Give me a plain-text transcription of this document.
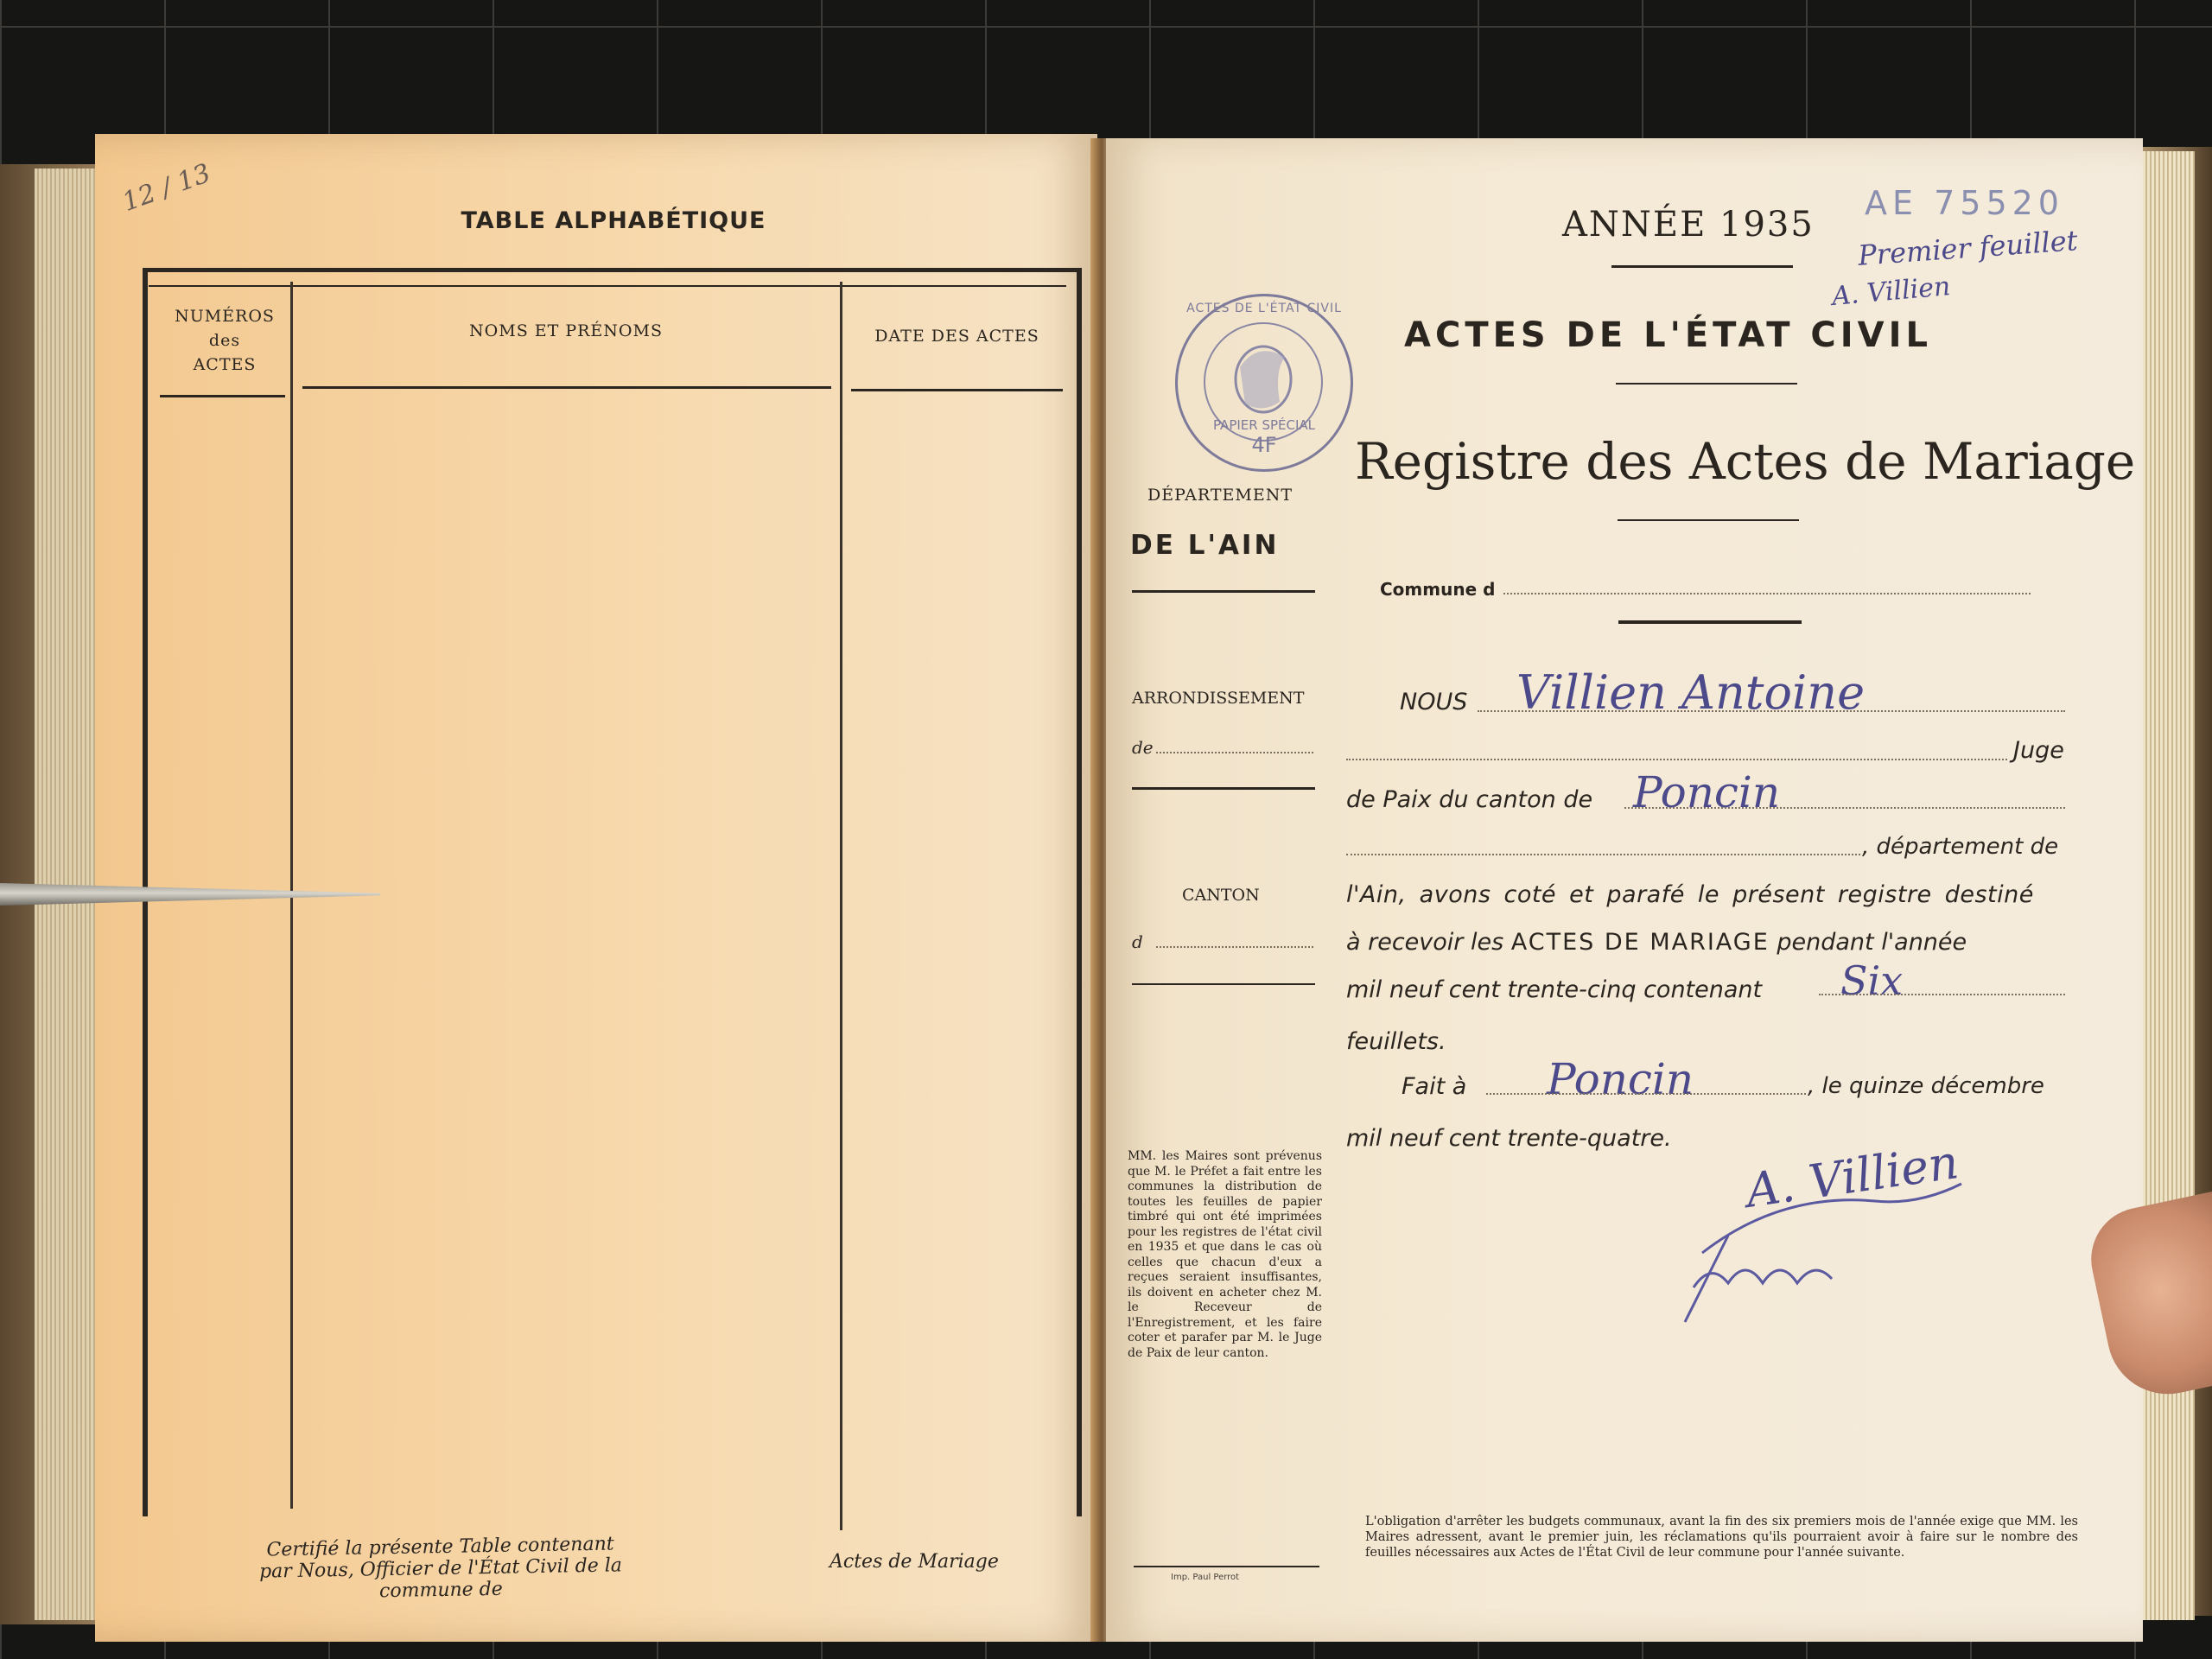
12 / 13
TABLE ALPHABÉTIQUE
NUMÉROS
des
ACTES
NOMS ET PRÉNOMS	DATE DES ACTES
Certifié la présente Table contenant
par Nous, Officier de l'État Civil de la commune de
Actes de Mariage
AE 75520
ANNÉE 1935 Premier feuillet
A. Villien
ACTES DE L'ÉTAT CIVIL
Registre des Actes de Mariage
ACTES DE L'ÉTAT CIVIL
PAPIER SPÉCIAL
4F
DÉPARTEMENT
DE L'AIN
ARRONDISSEMENT
de
CANTON
d
MM. les Maires sont prévenus que M. le Préfet a fait entre les communes la distribution de toutes les feuilles de papier timbré qui ont été imprimées pour les registres de l'état civil en 1935 et que dans le cas où celles que chacun d'eux a reçues seraient insuffisantes, ils doivent en acheter chez M. le Receveur de l'Enregistrement, et les faire coter et parafer par M. le Juge de Paix de leur canton.
Imp. Paul Perrot
Commune d
NOUS Villien Antoine
Juge
de Paix du canton de Poncin
, département de
l'Ain, avons coté et parafé le présent registre destiné
à recevoir les ACTES DE MARIAGE pendant l'année
mil neuf cent trente-cinq contenant Six
feuillets.
Fait à Poncin	, le quinze décembre
mil neuf cent trente-quatre. A. Villien
L'obligation d'arrêter les budgets communaux, avant la fin des six premiers mois de l'année exige que MM. les Maires adressent, avant le premier juin, les réclamations qu'ils pourraient avoir à faire sur le nombre des feuilles nécessaires aux Actes de l'État Civil de leur commune pour l'année suivante.
